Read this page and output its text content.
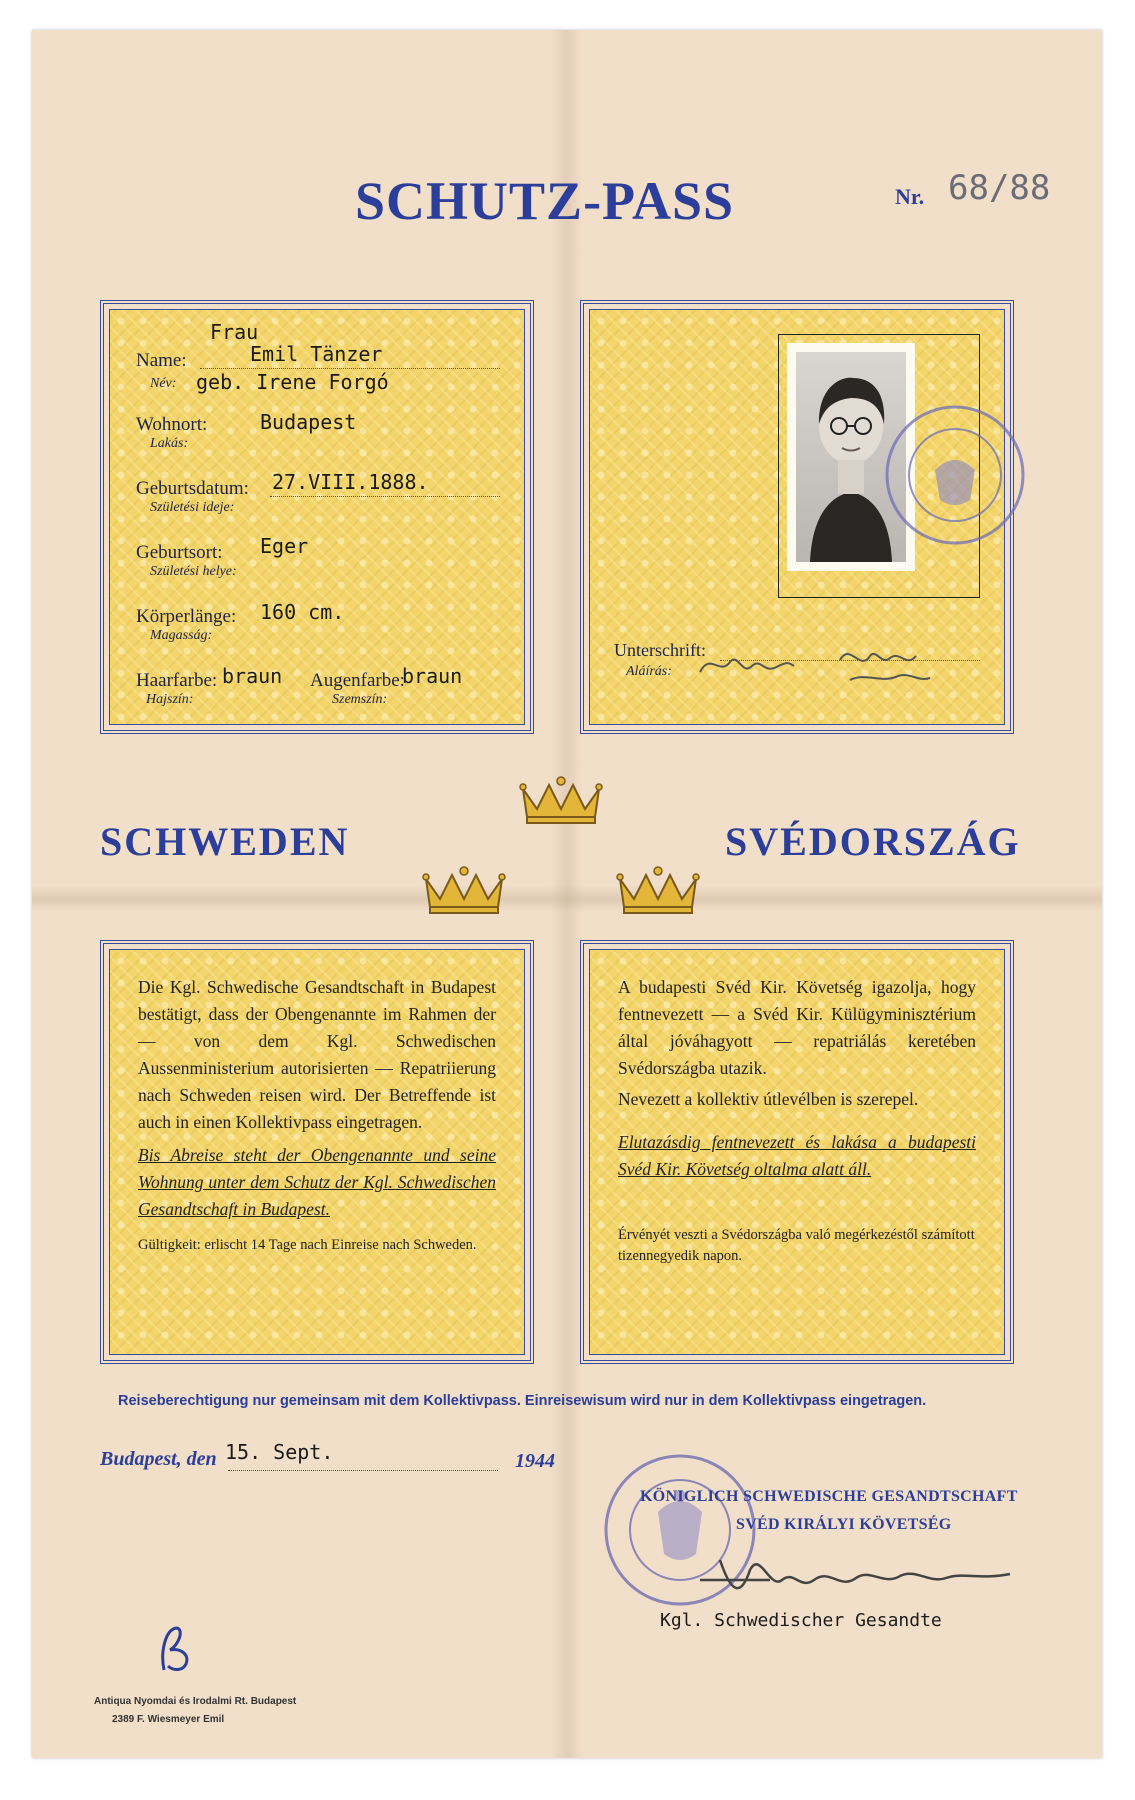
SCHUTZ-PASS	Nr. 68/88
Frau
Name:	Emil Tänzer
Név: geb. Irene Forgó
Wohnort:	Budapest
Lakás:
Geburtsdatum: 27.VIII.1888.
Születési ideje:
Geburtsort: Eger
Születési helye:
Körperlänge: 160 cm.
Magasság:
Haarfarbe: braun
Hajszín:
Augenfarbe:
braun
Szemszín:
Unterschrift:
Aláírás:
SCHWEDEN	SVÉDORSZÁG
Die Kgl. Schwedische Gesandtschaft in Budapest bestätigt, dass der Obengenannte im Rahmen der — von dem Kgl. Schwedischen Aussenministerium autorisierten — Repatriierung nach Schweden reisen wird. Der Betreffende ist auch in einen Kollektivpass eingetragen.
Bis Abreise steht der Obengenannte und seine Wohnung unter dem Schutz der Kgl. Schwedischen Gesandtschaft in Budapest.
Gültigkeit: erlischt 14 Tage nach Einreise nach Schweden.
A budapesti Svéd Kir. Követség igazolja, hogy fentnevezett — a Svéd Kir. Külügyminisztérium által jóváhagyott — repatriálás keretében Svédországba utazik.
Nevezett a kollektiv útlevélben is szerepel.
Elutazásdig fentnevezett és lakása a budapesti Svéd Kir. Követség oltalma alatt áll.
Érvényét veszti a Svédországba való megérkezéstől számított tizennegyedik napon.
Reiseberechtigung nur gemeinsam mit dem Kollektivpass. Einreisewisum wird nur in dem Kollektivpass eingetragen.
Budapest, den 15. Sept.	1944
KÖNIGLICH SCHWEDISCHE GESANDTSCHAFT
SVÉD KIRÁLYI KÖVETSÉG
Kgl. Schwedischer Gesandte
Antiqua Nyomdai és Irodalmi Rt. Budapest
2389 F. Wiesmeyer Emil
